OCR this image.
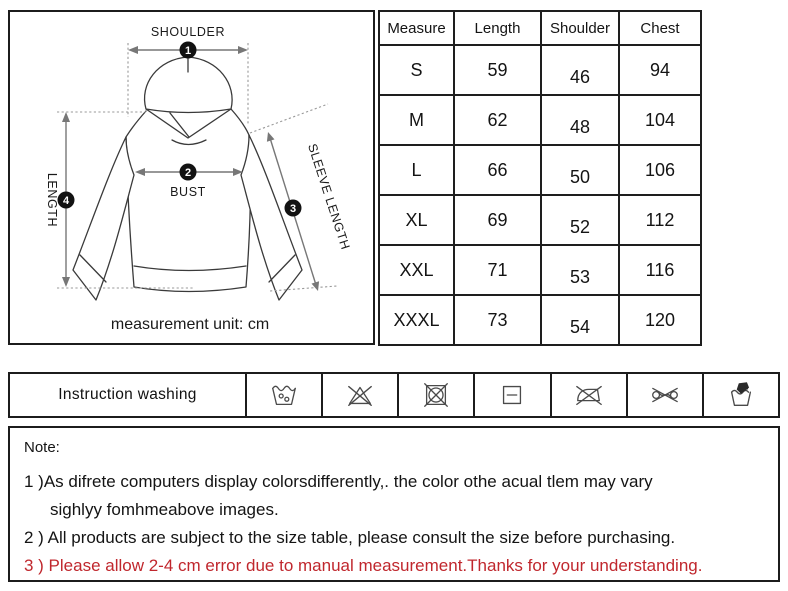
SHOULDER
1
2
BUST
4
LENGTH	3 SLEEVE LENGTH
measurement unit: cm
Measure	Length	Shoulder	Chest
S	59	46	94
M	62	48	104
L	66	50	106
XL	69	52	112
XXL	71	53	116
XXXL	73	54	120
Instruction washing
Note:
1 )As difrete computers display colorsdifferently,. the color othe acual tlem may vary
sighlyy fomhmeabove images.
2 ) All products are subject to the size table, please consult the size before purchasing.
3 ) Please allow 2-4 cm error due to manual measurement.Thanks for your understanding.
